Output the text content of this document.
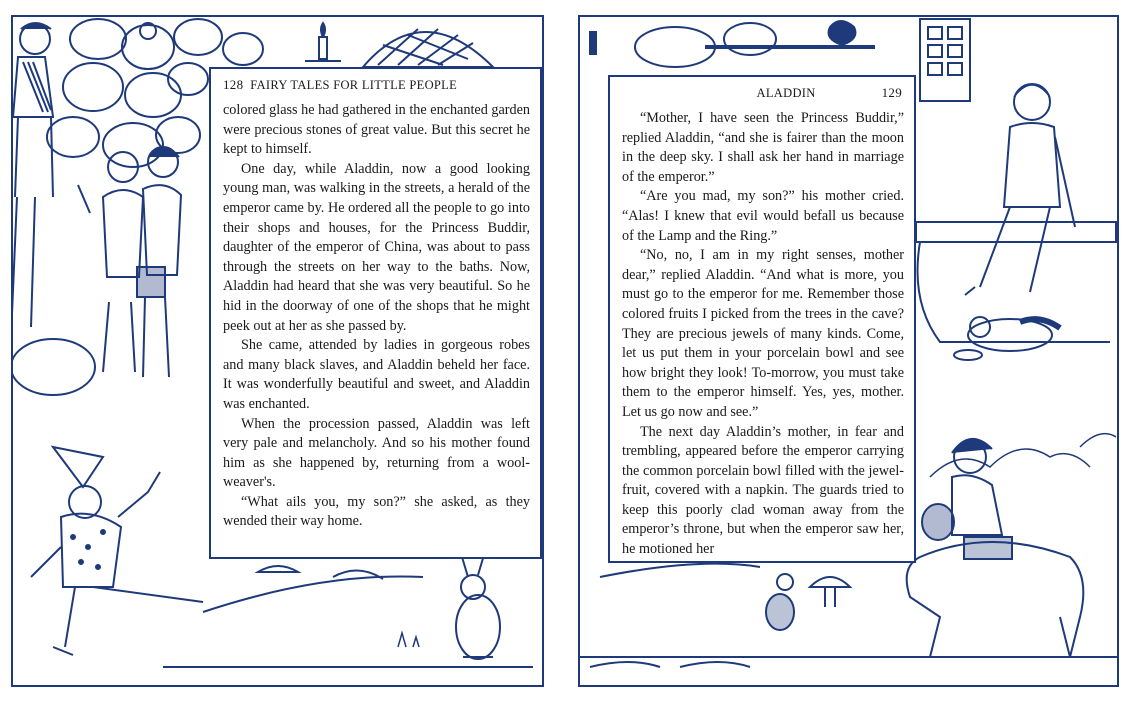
128 FAIRY TALES FOR LITTLE PEOPLE

colored glass he had gathered in the enchanted garden were precious stones of great value. But this secret he kept to himself.

One day, while Aladdin, now a good looking young man, was walking in the streets, a herald of the emperor came by. He ordered all the people to go into their shops and houses, for the Princess Buddir, daughter of the emperor of China, was about to pass through the streets on her way to the baths. Now, Aladdin had heard that she was very beautiful. So he hid in the doorway of one of the shops that he might peek out at her as she passed by.

She came, attended by ladies in gorgeous robes and many black slaves, and Aladdin beheld her face. It was wonderfully beautiful and sweet, and Aladdin was enchanted.

When the procession passed, Aladdin was left very pale and melancholy. And so his mother found him as she happened by, returning from a wool-weaver's.

“What ails you, my son?” she asked, as they wended their way home.

ALADDIN	129

“Mother, I have seen the Princess Buddir,” replied Aladdin, “and she is fairer than the moon in the deep sky. I shall ask her hand in marriage of the emperor.”

“Are you mad, my son?” his mother cried. “Alas! I knew that evil would befall us because of the Lamp and the Ring.”

“No, no, I am in my right senses, mother dear,” replied Aladdin. “And what is more, you must go to the emperor for me. Remember those colored fruits I picked from the trees in the cave? They are precious jewels of many kinds. Come, let us put them in your porcelain bowl and see how bright they look! To-morrow, you must take them to the emperor himself. Yes, yes, mother. Let us go now and see.”

The next day Aladdin’s mother, in fear and trembling, appeared before the emperor carrying the common porcelain bowl filled with the jewel-fruit, covered with a napkin. The guards tried to keep this poorly clad woman away from the emperor’s throne, but when the emperor saw her, he motioned her
